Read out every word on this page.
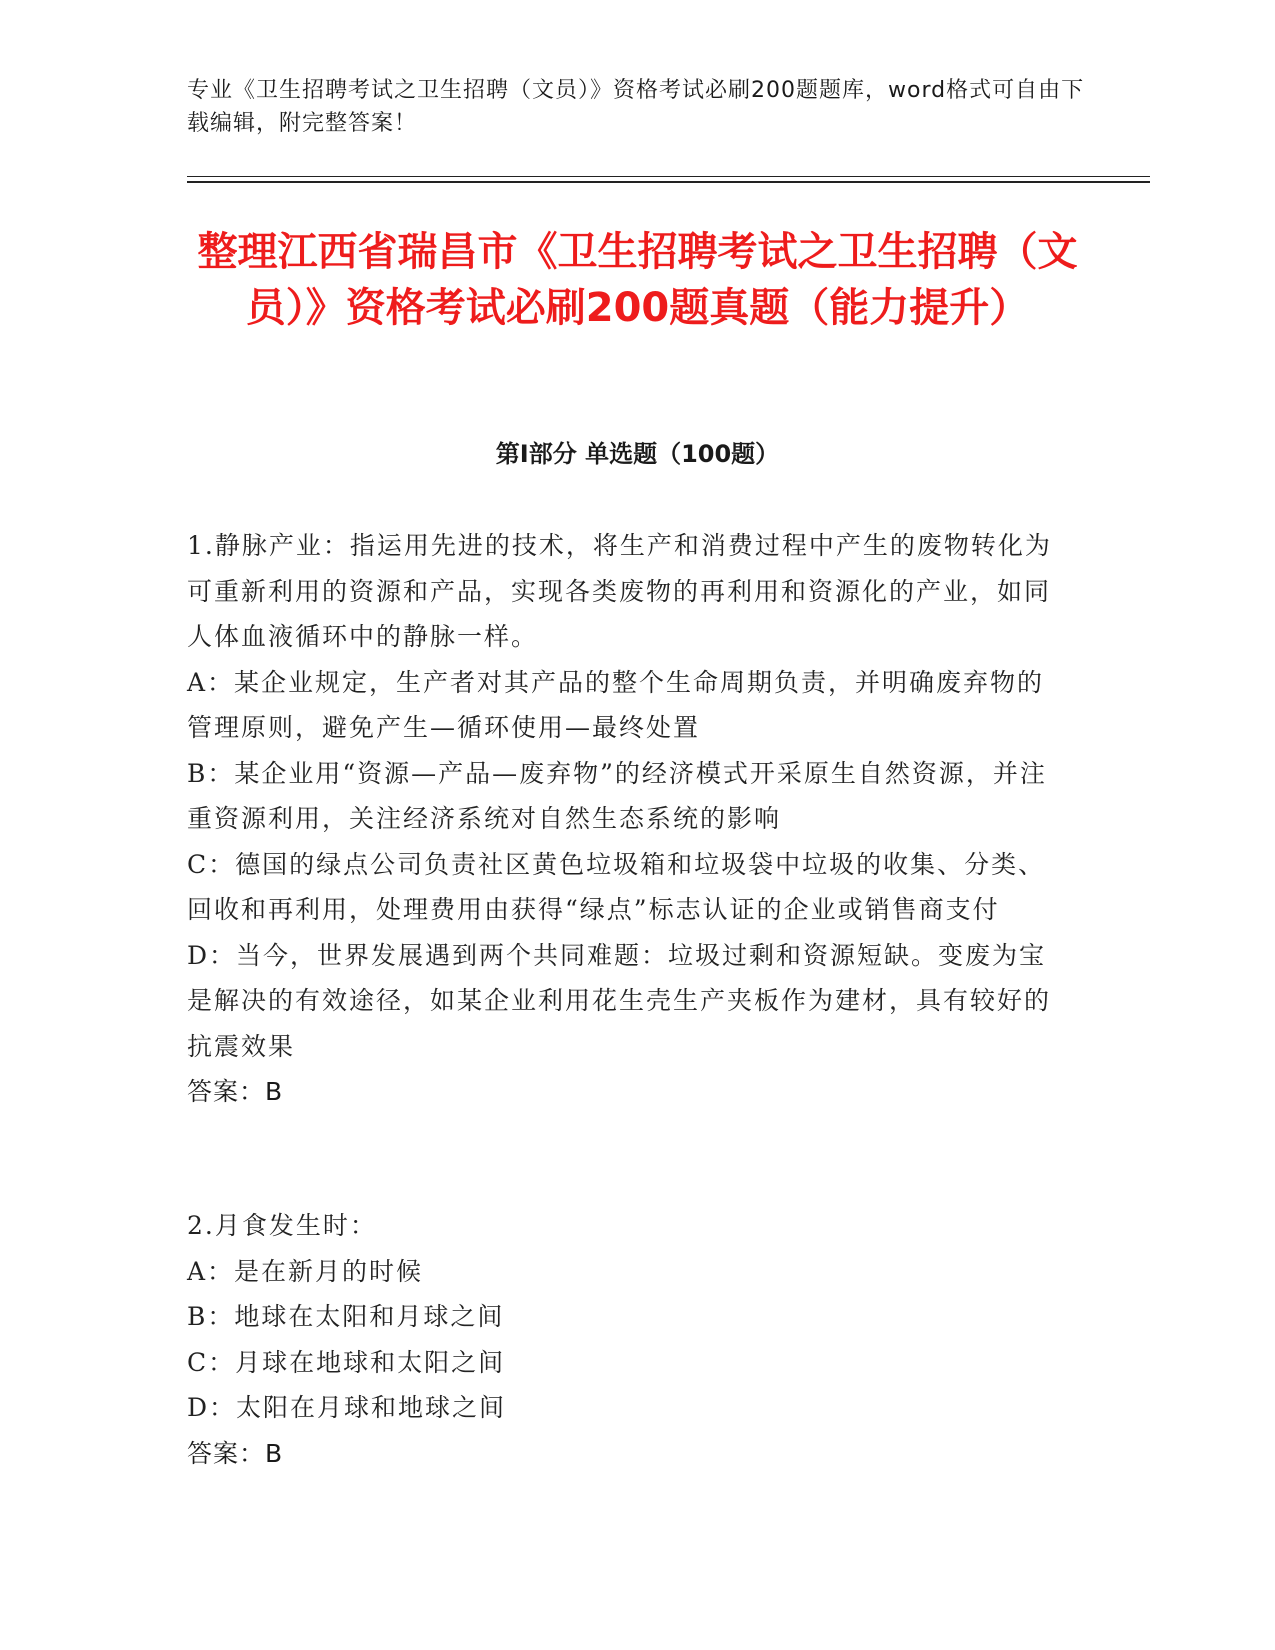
专业《卫生招聘考试之卫生招聘（文员）》资格考试必刷200题题库，word格式可自由下载编辑，附完整答案！
整理江西省瑞昌市《卫生招聘考试之卫生招聘（文员）》资格考试必刷200题真题（能力提升）
第Ⅰ部分 单选题（100题）

1.静脉产业：指运用先进的技术，将生产和消费过程中产生的废物转化为可重新利用的资源和产品，实现各类废物的再利用和资源化的产业，如同人体血液循环中的静脉一样。

A：某企业规定，生产者对其产品的整个生命周期负责，并明确废弃物的管理原则，避免产生—循环使用—最终处置

B：某企业用“资源—产品—废弃物”的经济模式开采原生自然资源，并注重资源利用，关注经济系统对自然生态系统的影响

C：德国的绿点公司负责社区黄色垃圾箱和垃圾袋中垃圾的收集、分类、回收和再利用，处理费用由获得“绿点”标志认证的企业或销售商支付

D：当今，世界发展遇到两个共同难题：垃圾过剩和资源短缺。变废为宝是解决的有效途径，如某企业利用花生壳生产夹板作为建材，具有较好的抗震效果

答案：B

2.月食发生时：

A：是在新月的时候

B：地球在太阳和月球之间

C：月球在地球和太阳之间

D：太阳在月球和地球之间

答案：B
